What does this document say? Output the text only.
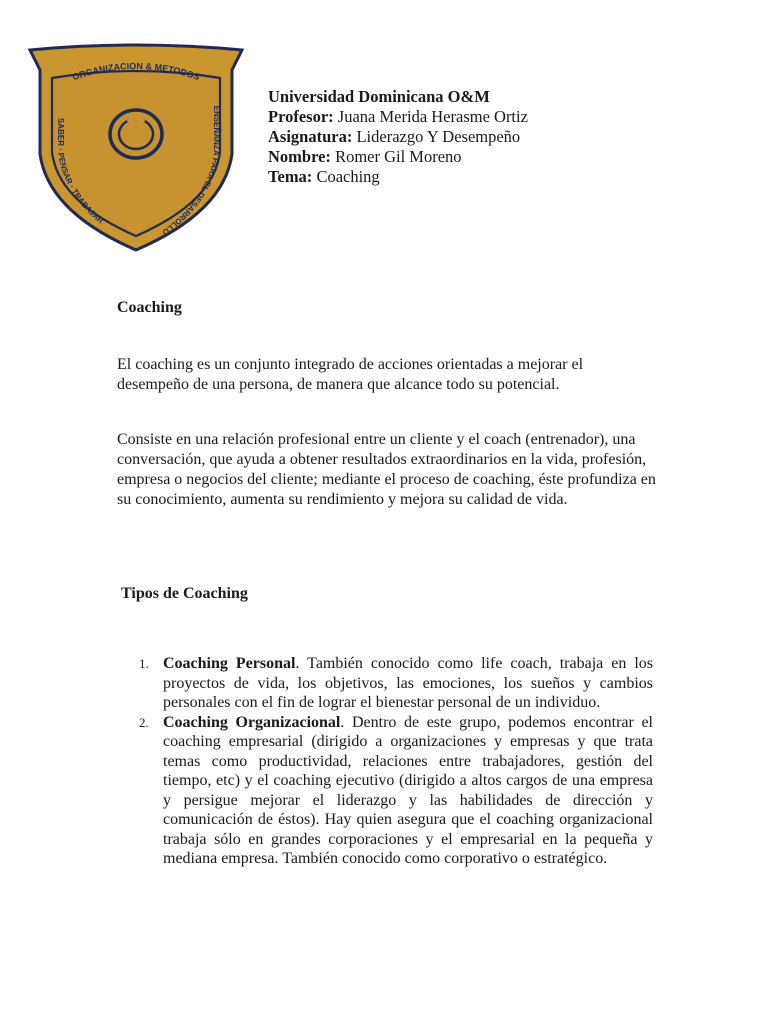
ORGANIZACION & METODOS
SABER · PENSAR · TRABAJAR
ENSEÑANZA PARA EL DESARROLLO
Universidad Dominicana O&M
Profesor: Juana Merida Herasme Ortiz
Asignatura: Liderazgo Y Desempeño
Nombre: Romer Gil Moreno
Tema: Coaching
Coaching
El coaching es un conjunto integrado de acciones orientadas a mejorar el desempeño de una persona, de manera que alcance todo su potencial.
Consiste en una relación profesional entre un cliente y el coach (entrenador), una conversación, que ayuda a obtener resultados extraordinarios en la vida, profesión, empresa o negocios del cliente; mediante el proceso de coaching, éste profundiza en su conocimiento, aumenta su rendimiento y mejora su calidad de vida.
Tipos de Coaching
1. Coaching Personal. También conocido como life coach, trabaja en los proyectos de vida, los objetivos, las emociones, los sueños y cambios personales con el fin de lograr el bienestar personal de un individuo.
2. Coaching Organizacional. Dentro de este grupo, podemos encontrar el coaching empresarial (dirigido a organizaciones y empresas y que trata temas como productividad, relaciones entre trabajadores, gestión del tiempo, etc) y el coaching ejecutivo (dirigido a altos cargos de una empresa y persigue mejorar el liderazgo y las habilidades de dirección y comunicación de éstos). Hay quien asegura que el coaching organizacional trabaja sólo en grandes corporaciones y el empresarial en la pequeña y mediana empresa. También conocido como corporativo o estratégico.
